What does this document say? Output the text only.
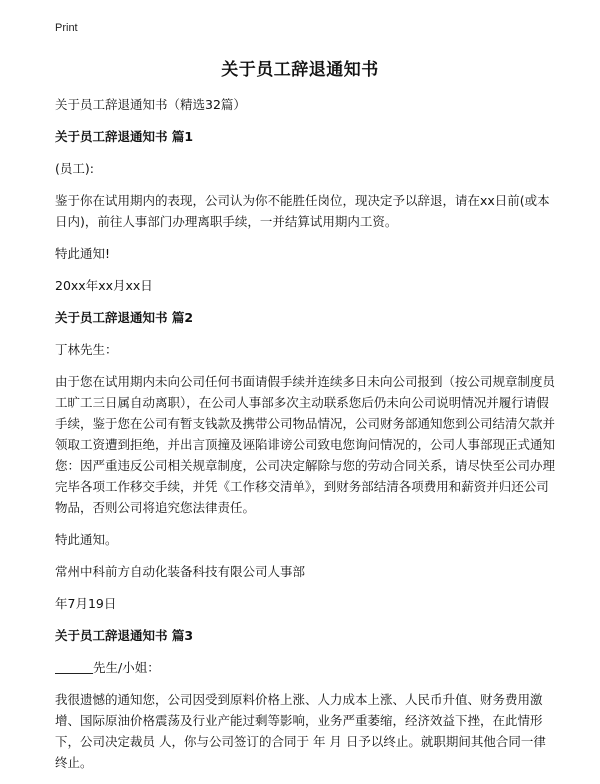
Print
关于员工辞退通知书

关于员工辞退通知书（精选32篇）

关于员工辞退通知书 篇1

(员工):

鉴于你在试用期内的表现，公司认为你不能胜任岗位，现决定予以辞退，请在xx日前(或本日内)，前往人事部门办理离职手续，一并结算试用期内工资。

特此通知!

20xx年xx月xx日

关于员工辞退通知书 篇2

丁林先生：

由于您在试用期内未向公司任何书面请假手续并连续多日未向公司报到（按公司规章制度员工旷工三日属自动离职），在公司人事部多次主动联系您后仍未向公司说明情况并履行请假手续，鉴于您在公司有暂支钱款及携带公司物品情况，公司财务部通知您到公司结清欠款并领取工资遭到拒绝，并出言顶撞及诬陷诽谤公司致电您询问情况的，公司人事部现正式通知您：因严重违反公司相关规章制度，公司决定解除与您的劳动合同关系，请尽快至公司办理完毕各项工作移交手续，并凭《工作移交清单》，到财务部结清各项费用和薪资并归还公司物品，否则公司将追究您法律责任。

特此通知。

常州中科前方自动化装备科技有限公司人事部

年7月19日

关于员工辞退通知书 篇3

先生/小姐：

我很遗憾的通知您，公司因受到原料价格上涨、人力成本上涨、人民币升值、财务费用激增、国际原油价格震荡及行业产能过剩等影响，业务严重萎缩，经济效益下挫，在此情形下，公司决定裁员 人，你与公司签订的合同于 年 月 日予以终止。就职期间其他合同一律终止。
